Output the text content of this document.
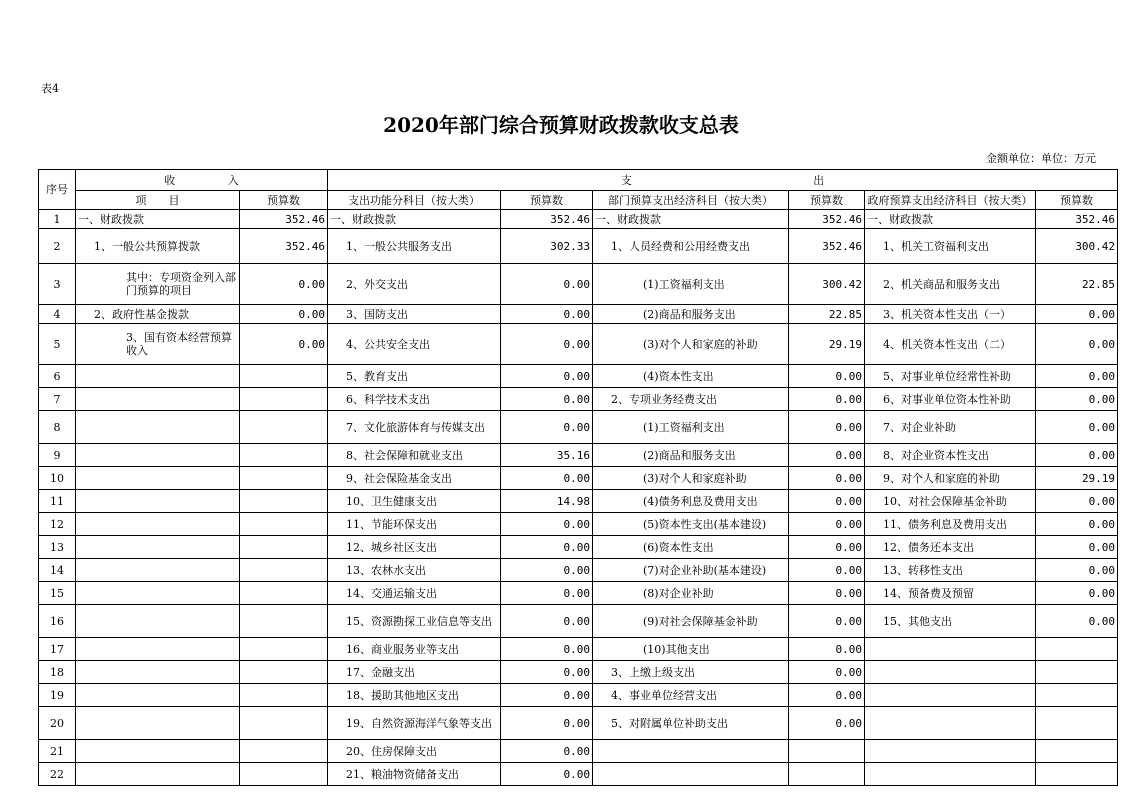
表4
2020年部门综合预算财政拨款收支总表
金额单位：单位：万元
序号	收 入		支 出					

	项　　目	预算数	支出功能分科目（按大类）	预算数	部门预算支出经济科目（按大类）	预算数	政府预算支出经济科目（按大类）	预算数
1	一、财政拨款	352.46	一、财政拨款	352.46	一、财政拨款	352.46	一、财政拨款	352.46
2	1、一般公共预算拨款	352.46	1、一般公共服务支出	302.33	1、人员经费和公用经费支出	352.46	1、机关工资福利支出	300.42
3	其中：专项资金列入部门预算的项目	0.00	2、外交支出	0.00	(1)工资福利支出	300.42	2、机关商品和服务支出	22.85
4	2、政府性基金拨款	0.00	3、国防支出	0.00	(2)商品和服务支出	22.85	3、机关资本性支出（一）	0.00
5	3、国有资本经营预算收入	0.00	4、公共安全支出	0.00	(3)对个人和家庭的补助	29.19	4、机关资本性支出（二）	0.00
6			5、教育支出	0.00	(4)资本性支出	0.00	5、对事业单位经常性补助	0.00
7			6、科学技术支出	0.00	2、专项业务经费支出	0.00	6、对事业单位资本性补助	0.00
8			7、文化旅游体育与传媒支出	0.00	(1)工资福利支出	0.00	7、对企业补助	0.00
9			8、社会保障和就业支出	35.16	(2)商品和服务支出	0.00	8、对企业资本性支出	0.00
10			9、社会保险基金支出	0.00	(3)对个人和家庭补助	0.00	9、对个人和家庭的补助	29.19
11			10、卫生健康支出	14.98	(4)债务利息及费用支出	0.00	10、对社会保障基金补助	0.00
12			11、节能环保支出	0.00	(5)资本性支出(基本建设)	0.00	11、债务利息及费用支出	0.00
13			12、城乡社区支出	0.00	(6)资本性支出	0.00	12、债务还本支出	0.00
14			13、农林水支出	0.00	(7)对企业补助(基本建设)	0.00	13、转移性支出	0.00
15			14、交通运输支出	0.00	(8)对企业补助	0.00	14、预备费及预留	0.00
16			15、资源勘探工业信息等支出	0.00	(9)对社会保障基金补助	0.00	15、其他支出	0.00
17			16、商业服务业等支出	0.00	(10)其他支出	0.00		
18			17、金融支出	0.00	3、上缴上级支出	0.00		
19			18、援助其他地区支出	0.00	4、事业单位经营支出	0.00		
20			19、自然资源海洋气象等支出	0.00	5、对附属单位补助支出	0.00		
21			20、住房保障支出	0.00				
22			21、粮油物资储备支出	0.00				
